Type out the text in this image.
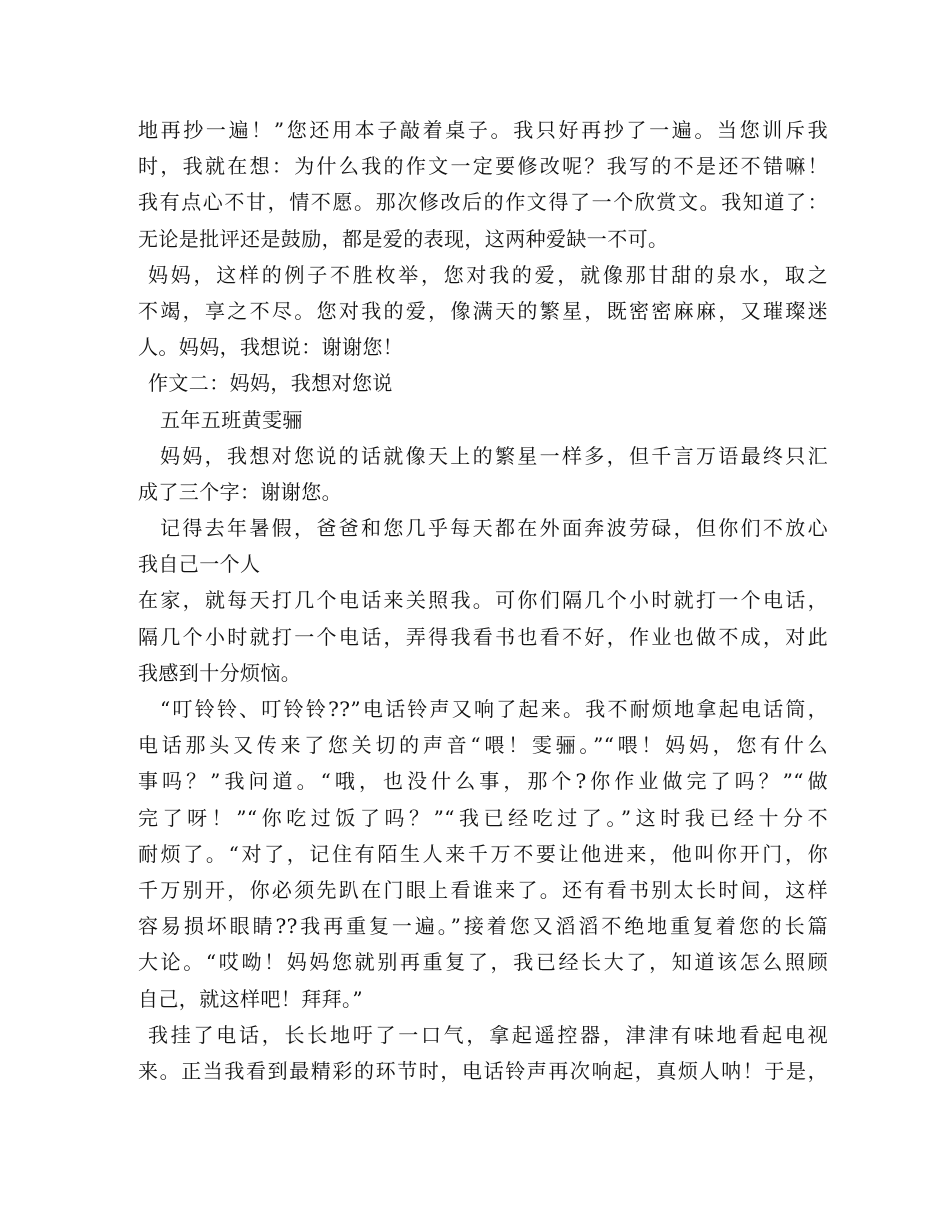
地再抄一遍！”您还用本子敲着桌子。我只好再抄了一遍。当您训斥我
时，我就在想：为什么我的作文一定要修改呢？我写的不是还不错嘛！
我有点心不甘，情不愿。那次修改后的作文得了一个欣赏文。我知道了：
无论是批评还是鼓励，都是爱的表现，这两种爱缺一不可。
妈妈，这样的例子不胜枚举，您对我的爱，就像那甘甜的泉水，取之
不竭，享之不尽。您对我的爱，像满天的繁星，既密密麻麻，又璀璨迷
人。妈妈，我想说：谢谢您！
作文二：妈妈，我想对您说
五年五班黄雯骊
妈妈，我想对您说的话就像天上的繁星一样多，但千言万语最终只汇
成了三个字：谢谢您。
记得去年暑假，爸爸和您几乎每天都在外面奔波劳碌，但你们不放心
我自己一个人
在家，就每天打几个电话来关照我。可你们隔几个小时就打一个电话，
隔几个小时就打一个电话，弄得我看书也看不好，作业也做不成，对此
我感到十分烦恼。
“叮铃铃、叮铃铃??”电话铃声又响了起来。我不耐烦地拿起电话筒，
电话那头又传来了您关切的声音“喂！雯骊。”“喂！妈妈，您有什么
事吗？”我问道。“哦，也没什么事，那个?你作业做完了吗？”“做
完了呀！”“你吃过饭了吗？”“我已经吃过了。”这时我已经十分不
耐烦了。“对了，记住有陌生人来千万不要让他进来，他叫你开门，你
千万别开，你必须先趴在门眼上看谁来了。还有看书别太长时间，这样
容易损坏眼睛??我再重复一遍。”接着您又滔滔不绝地重复着您的长篇
大论。“哎呦！妈妈您就别再重复了，我已经长大了，知道该怎么照顾
自己，就这样吧！拜拜。”
我挂了电话，长长地吁了一口气，拿起遥控器，津津有味地看起电视
来。正当我看到最精彩的环节时，电话铃声再次响起，真烦人呐！于是，
